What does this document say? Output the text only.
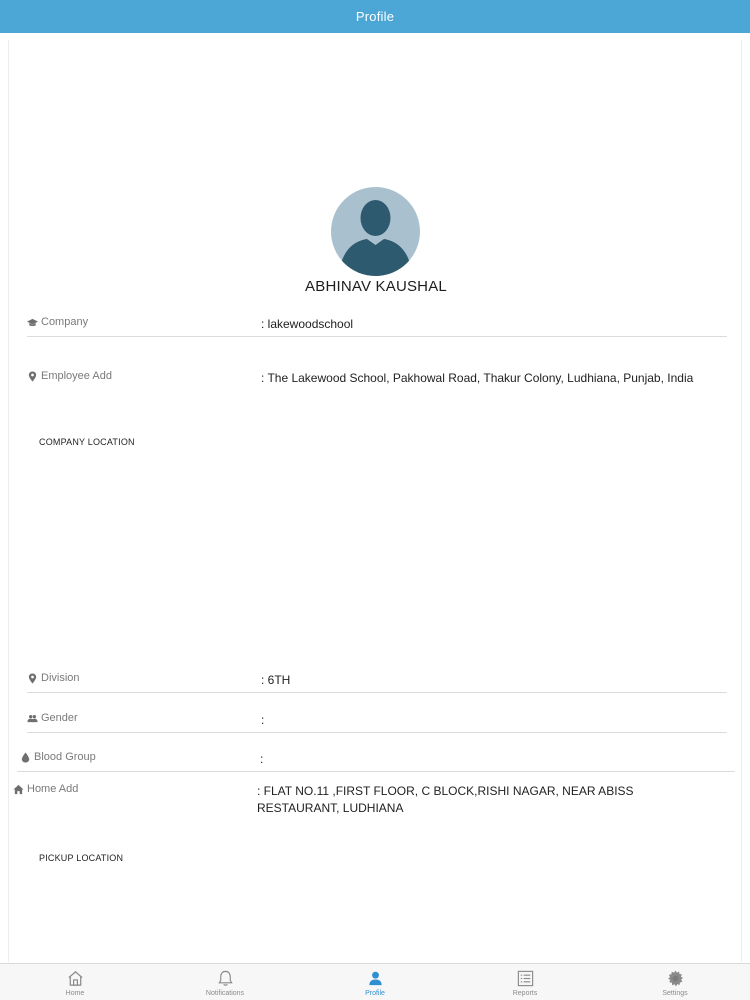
Profile
ABHINAV KAUSHAL
Company	: lakewoodschool
Employee Add	: The Lakewood School, Pakhowal Road, Thakur Colony, Ludhiana, Punjab, India
COMPANY LOCATION
Division	: 6TH
Gender	:
Blood Group	:
Home Add	: FLAT NO.11 ,FIRST FLOOR, C BLOCK,RISHI NAGAR, NEAR ABISS RESTAURANT, LUDHIANA
PICKUP LOCATION
Home	Notifications	Profile	Reports	Settings
